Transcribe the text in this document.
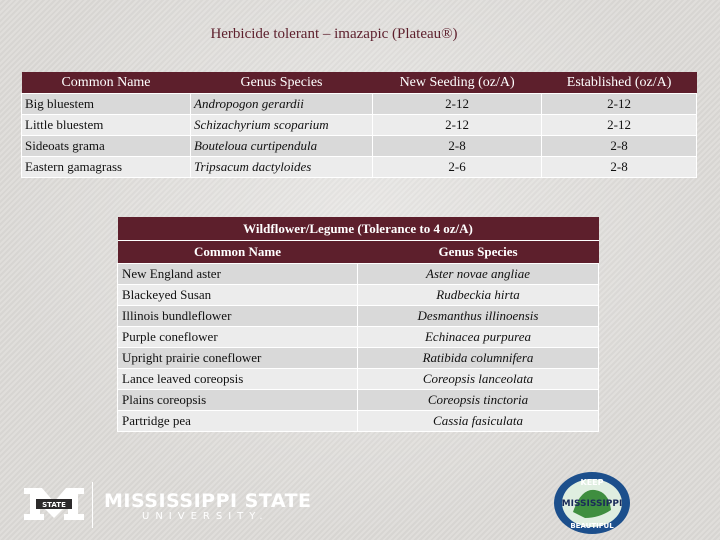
Herbicide tolerant – imazapic (Plateau®)
Common Name	Genus Species	New Seeding (oz/A)	Established (oz/A)
Big bluestem	Andropogon gerardii	2-12	2-12
Little bluestem	Schizachyrium scoparium	2-12	2-12
Sideoats grama	Bouteloua curtipendula	2-8	2-8
Eastern gamagrass	Tripsacum dactyloides	2-6	2-8
Wildflower/Legume (Tolerance to 4 oz/A)	
Common Name	Genus Species
New England aster	Aster novae angliae
Blackeyed Susan	Rudbeckia hirta
Illinois bundleflower	Desmanthus illinoensis
Purple coneflower	Echinacea purpurea
Upright prairie coneflower	Ratibida columnifera
Lance leaved coreopsis	Coreopsis lanceolata
Plains coreopsis	Coreopsis tinctoria
Partridge pea	Cassia fasiculata
STATE MISSISSIPPI STATE
UNIVERSITY.
KEEP
MISSISSIPPI
BEAUTIFUL
